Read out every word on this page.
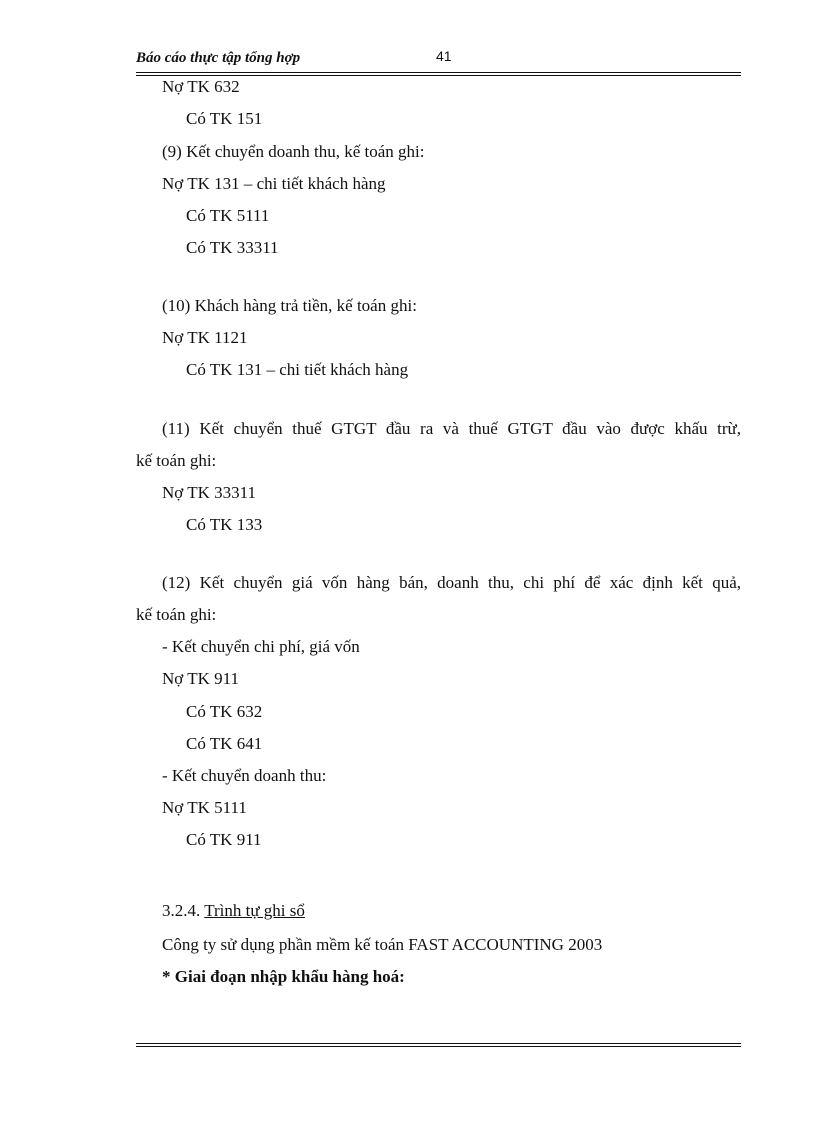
Báo cáo thực tập tổng hợp	41
Nợ TK 632
Có TK 151
(9) Kết chuyển doanh thu, kế toán ghi:
Nợ TK 131 – chi tiết khách hàng
Có TK 5111
Có TK 33311
(10) Khách hàng trả tiền, kế toán ghi:
Nợ TK 1121
Có TK 131 – chi tiết khách hàng
(11) Kết chuyển thuế GTGT đầu ra và thuế GTGT đầu vào được khấu trừ,
kế toán ghi:
Nợ TK 33311
Có TK 133
(12) Kết chuyển giá vốn hàng bán, doanh thu, chi phí để xác định kết quả,
kế toán ghi:
- Kết chuyển chi phí, giá vốn
Nợ TK 911
Có TK 632
Có TK 641
- Kết chuyển doanh thu:
Nợ TK 5111
Có TK 911
3.2.4. Trình tự ghi sổ
Công ty sử dụng phần mềm kế toán FAST ACCOUNTING 2003
* Giai đoạn nhập khẩu hàng hoá:
